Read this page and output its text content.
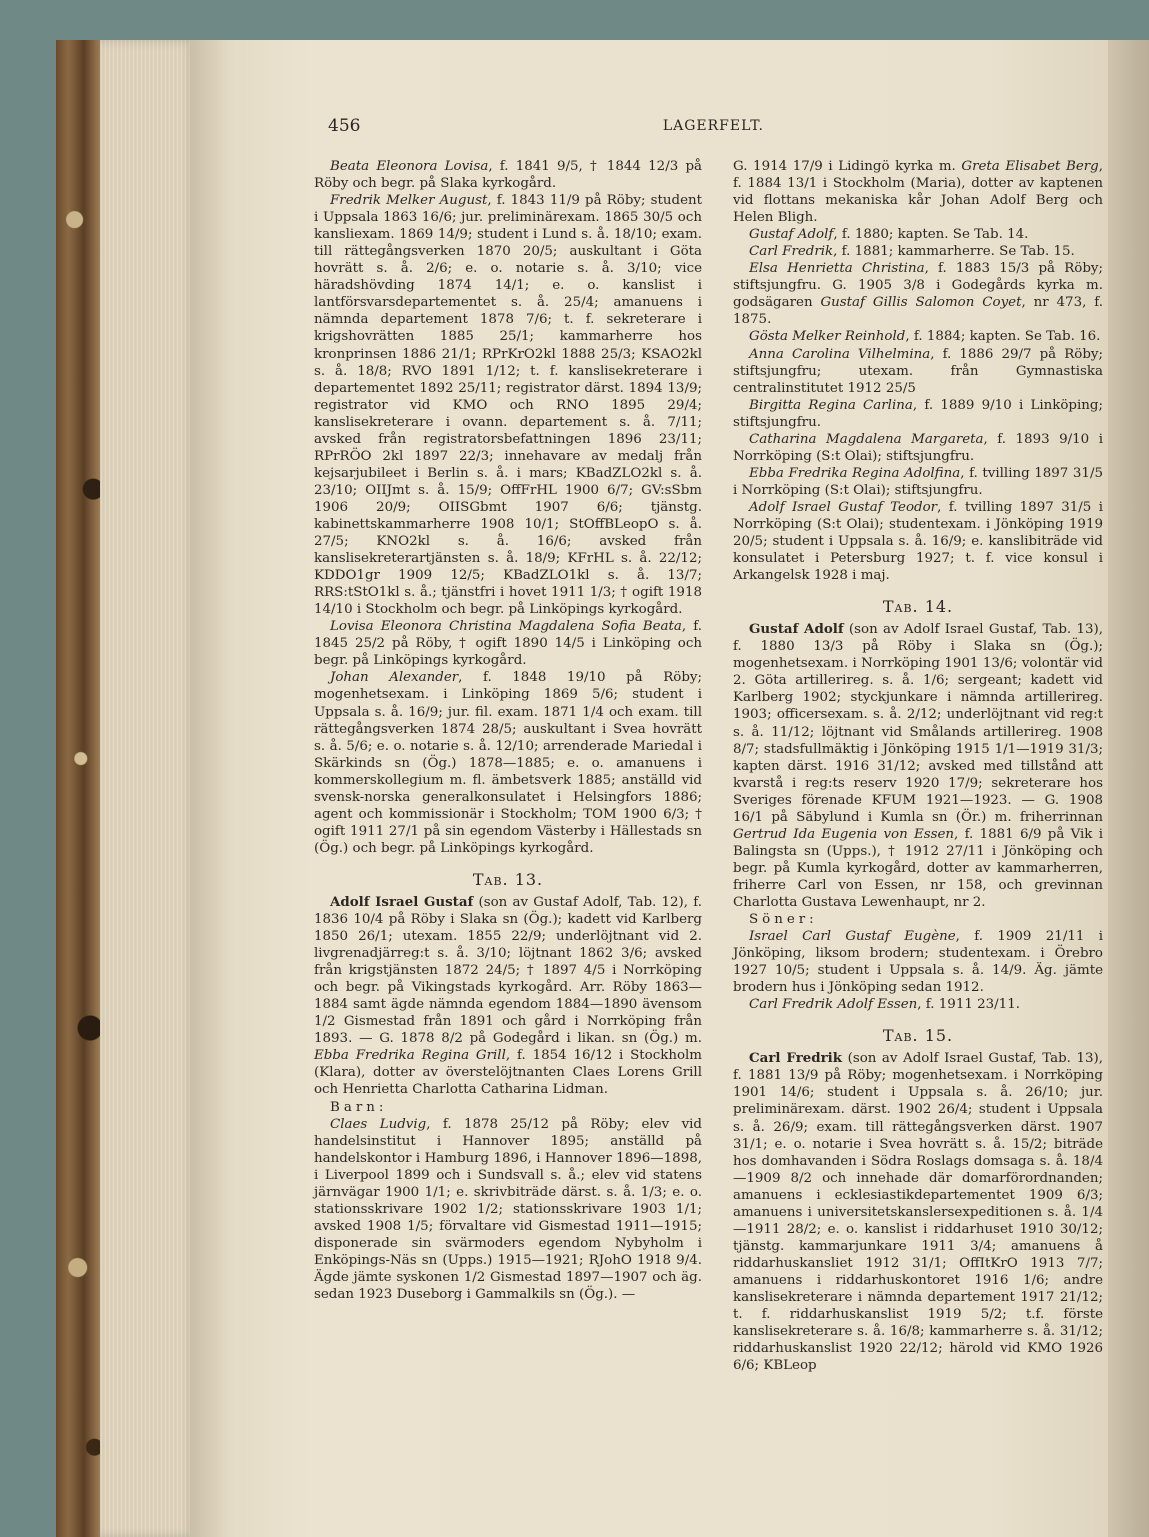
456	LAGERFELT.

Beata Eleonora Lovisa, f. 1841 9/5, † 1844 12/3 på Röby och begr. på Slaka kyrkogård.

Fredrik Melker August, f. 1843 11/9 på Röby; student i Uppsala 1863 16/6; jur. preliminärexam. 1865 30/5 och kansliexam. 1869 14/9; student i Lund s. å. 18/10; exam. till rättegångsverken 1870 20/5; auskultant i Göta hovrätt s. å. 2/6; e. o. notarie s. å. 3/10; vice häradshövding 1874 14/1; e. o. kanslist i lantförsvarsdepartementet s. å. 25/4; amanuens i nämnda departement 1878 7/6; t. f. sekreterare i krigshovrätten 1885 25/1; kammarherre hos kronprinsen 1886 21/1; RPrKrO2kl 1888 25/3; KSAO2kl s. å. 18/8; RVO 1891 1/12; t. f. kanslisekreterare i departementet 1892 25/11; registrator därst. 1894 13/9; registrator vid KMO och RNO 1895 29/4; kanslisekreterare i ovann. departement s. å. 7/11; avsked från registratorsbefattningen 1896 23/11; RPrRÖO 2kl 1897 22/3; innehavare av medalj från kejsarjubileet i Berlin s. å. i mars; KBadZLO2kl s. å. 23/10; OIIJmt s. å. 15/9; OffFrHL 1900 6/7; GV:sSbm 1906 20/9; OIISGbmt 1907 6/6; tjänstg. kabinettskammarherre 1908 10/1; StOffBLeopO s. å. 27/5; KNO2kl s. å. 16/6; avsked från kanslisekreterartjänsten s. å. 18/9; KFrHL s. å. 22/12; KDDO1gr 1909 12/5; KBadZLO1kl s. å. 13/7; RRS:tStO1kl s. å.; tjänstfri i hovet 1911 1/3; † ogift 1918 14/10 i Stockholm och begr. på Linköpings kyrkogård.

Lovisa Eleonora Christina Magdalena Sofia Beata, f. 1845 25/2 på Röby, † ogift 1890 14/5 i Linköping och begr. på Linköpings kyrkogård.

Johan Alexander, f. 1848 19/10 på Röby; mogenhetsexam. i Linköping 1869 5/6; student i Uppsala s. å. 16/9; jur. fil. exam. 1871 1/4 och exam. till rättegångsverken 1874 28/5; auskultant i Svea hovrätt s. å. 5/6; e. o. notarie s. å. 12/10; arrenderade Mariedal i Skärkinds sn (Ög.) 1878—1885; e. o. amanuens i kommerskollegium m. fl. ämbetsverk 1885; anställd vid svensk-norska generalkonsulatet i Helsingfors 1886; agent och kommissionär i Stockholm; TOM 1900 6/3; † ogift 1911 27/1 på sin egendom Västerby i Hällestads sn (Ög.) och begr. på Linköpings kyrkogård.

Tab. 13.

Adolf Israel Gustaf (son av Gustaf Adolf, Tab. 12), f. 1836 10/4 på Röby i Slaka sn (Ög.); kadett vid Karlberg 1850 26/1; utexam. 1855 22/9; underlöjtnant vid 2. livgrenadjärreg:t s. å. 3/10; löjtnant 1862 3/6; avsked från krigstjänsten 1872 24/5; † 1897 4/5 i Norrköping och begr. på Vikingstads kyrkogård. Arr. Röby 1863—1884 samt ägde nämnda egendom 1884—1890 ävensom 1/2 Gismestad från 1891 och gård i Norrköping från 1893. — G. 1878 8/2 på Godegård i likan. sn (Ög.) m. Ebba Fredrika Regina Grill, f. 1854 16/12 i Stockholm (Klara), dotter av överstelöjtnanten Claes Lorens Grill och Henrietta Charlotta Catharina Lidman.

Barn:

Claes Ludvig, f. 1878 25/12 på Röby; elev vid handelsinstitut i Hannover 1895; anställd på handelskontor i Hamburg 1896, i Hannover 1896—1898, i Liverpool 1899 och i Sundsvall s. å.; elev vid statens järnvägar 1900 1/1; e. skrivbiträde därst. s. å. 1/3; e. o. stationsskrivare 1902 1/2; stationsskrivare 1903 1/1; avsked 1908 1/5; förvaltare vid Gismestad 1911—1915; disponerade sin svärmoders egendom Nybyholm i Enköpings-Näs sn (Upps.) 1915—1921; RJohO 1918 9/4. Ägde jämte syskonen 1/2 Gismestad 1897—1907 och äg. sedan 1923 Duseborg i Gammalkils sn (Ög.). —

G. 1914 17/9 i Lidingö kyrka m. Greta Elisabet Berg, f. 1884 13/1 i Stockholm (Maria), dotter av kaptenen vid flottans mekaniska kår Johan Adolf Berg och Helen Bligh.

Gustaf Adolf, f. 1880; kapten. Se Tab. 14.

Carl Fredrik, f. 1881; kammarherre. Se Tab. 15.

Elsa Henrietta Christina, f. 1883 15/3 på Röby; stiftsjungfru. G. 1905 3/8 i Godegårds kyrka m. godsägaren Gustaf Gillis Salomon Coyet, nr 473, f. 1875.

Gösta Melker Reinhold, f. 1884; kapten. Se Tab. 16.

Anna Carolina Vilhelmina, f. 1886 29/7 på Röby; stiftsjungfru; utexam. från Gymnastiska centralinstitutet 1912 25/5

Birgitta Regina Carlina, f. 1889 9/10 i Linköping; stiftsjungfru.

Catharina Magdalena Margareta, f. 1893 9/10 i Norrköping (S:t Olai); stiftsjungfru.

Ebba Fredrika Regina Adolfina, f. tvilling 1897 31/5 i Norrköping (S:t Olai); stiftsjungfru.

Adolf Israel Gustaf Teodor, f. tvilling 1897 31/5 i Norrköping (S:t Olai); studentexam. i Jönköping 1919 20/5; student i Uppsala s. å. 16/9; e. kanslibiträde vid konsulatet i Petersburg 1927; t. f. vice konsul i Arkangelsk 1928 i maj.

Tab. 14.

Gustaf Adolf (son av Adolf Israel Gustaf, Tab. 13), f. 1880 13/3 på Röby i Slaka sn (Ög.); mogenhetsexam. i Norrköping 1901 13/6; volontär vid 2. Göta artillerireg. s. å. 1/6; sergeant; kadett vid Karlberg 1902; styckjunkare i nämnda artillerireg. 1903; officersexam. s. å. 2/12; underlöjtnant vid reg:t s. å. 11/12; löjtnant vid Smålands artillerireg. 1908 8/7; stadsfullmäktig i Jönköping 1915 1/1—1919 31/3; kapten därst. 1916 31/12; avsked med tillstånd att kvarstå i reg:ts reserv 1920 17/9; sekreterare hos Sveriges förenade KFUM 1921—1923. — G. 1908 16/1 på Säbylund i Kumla sn (Ör.) m. friherrinnan Gertrud Ida Eugenia von Essen, f. 1881 6/9 på Vik i Balingsta sn (Upps.), † 1912 27/11 i Jönköping och begr. på Kumla kyrkogård, dotter av kammarherren, friherre Carl von Essen, nr 158, och grevinnan Charlotta Gustava Lewenhaupt, nr 2.

Söner:

Israel Carl Gustaf Eugène, f. 1909 21/11 i Jönköping, liksom brodern; studentexam. i Örebro 1927 10/5; student i Uppsala s. å. 14/9. Äg. jämte brodern hus i Jönköping sedan 1912.

Carl Fredrik Adolf Essen, f. 1911 23/11.

Tab. 15.

Carl Fredrik (son av Adolf Israel Gustaf, Tab. 13), f. 1881 13/9 på Röby; mogenhetsexam. i Norrköping 1901 14/6; student i Uppsala s. å. 26/10; jur. preliminärexam. därst. 1902 26/4; student i Uppsala s. å. 26/9; exam. till rättegångsverken därst. 1907 31/1; e. o. notarie i Svea hovrätt s. å. 15/2; biträde hos domhavanden i Södra Roslags domsaga s. å. 18/4—1909 8/2 och innehade där domarförordnanden; amanuens i ecklesiastikdepartementet 1909 6/3; amanuens i universitetskanslersexpeditionen s. å. 1/4—1911 28/2; e. o. kanslist i riddarhuset 1910 30/12; tjänstg. kammarjunkare 1911 3/4; amanuens å riddarhuskansliet 1912 31/1; OffItKrO 1913 7/7; amanuens i riddarhuskontoret 1916 1/6; andre kanslisekreterare i nämnda departement 1917 21/12; t. f. riddarhuskanslist 1919 5/2; t.f. förste kanslisekreterare s. å. 16/8; kammarherre s. å. 31/12; riddarhuskanslist 1920 22/12; härold vid KMO 1926 6/6; KBLeop
